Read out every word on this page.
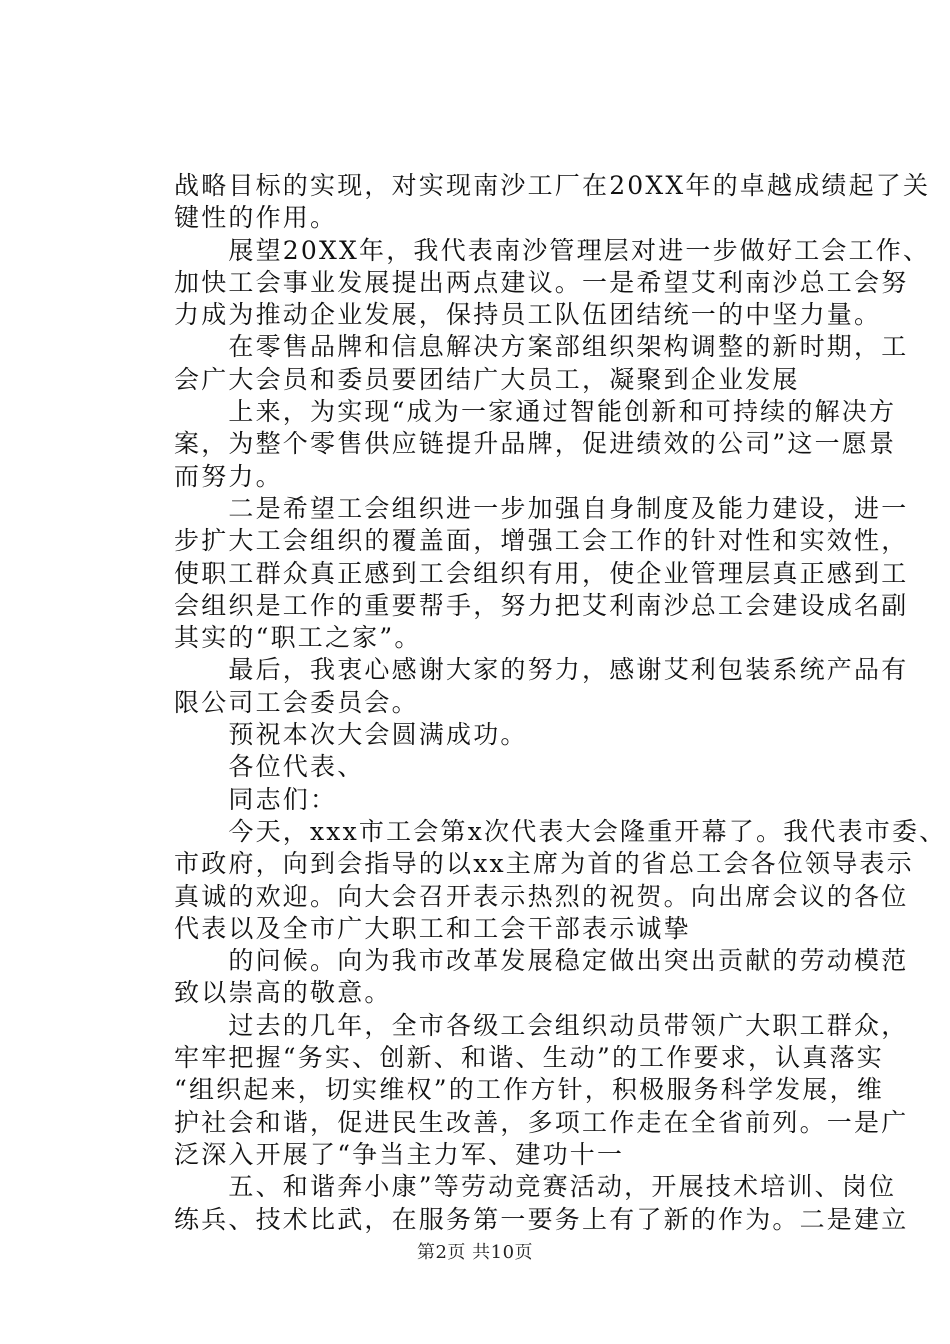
战略目标的实现，对实现南沙工厂在20XX年的卓越成绩起了关
键性的作用。
　　展望20XX年，我代表南沙管理层对进一步做好工会工作、
加快工会事业发展提出两点建议。一是希望艾利南沙总工会努
力成为推动企业发展，保持员工队伍团结统一的中坚力量。
　　在零售品牌和信息解决方案部组织架构调整的新时期，工
会广大会员和委员要团结广大员工，凝聚到企业发展
　　上来，为实现“成为一家通过智能创新和可持续的解决方
案，为整个零售供应链提升品牌，促进绩效的公司”这一愿景
而努力。
　　二是希望工会组织进一步加强自身制度及能力建设，进一
步扩大工会组织的覆盖面，增强工会工作的针对性和实效性，
使职工群众真正感到工会组织有用，使企业管理层真正感到工
会组织是工作的重要帮手，努力把艾利南沙总工会建设成名副
其实的“职工之家”。
　　最后，我衷心感谢大家的努力，感谢艾利包装系统产品有
限公司工会委员会。
　　预祝本次大会圆满成功。
　　各位代表、
　　同志们：
　　今天，xxx市工会第x次代表大会隆重开幕了。我代表市委、
市政府，向到会指导的以xx主席为首的省总工会各位领导表示
真诚的欢迎。向大会召开表示热烈的祝贺。向出席会议的各位
代表以及全市广大职工和工会干部表示诚挚
　　的问候。向为我市改革发展稳定做出突出贡献的劳动模范
致以崇高的敬意。
　　过去的几年，全市各级工会组织动员带领广大职工群众，
牢牢把握“务实、创新、和谐、生动”的工作要求，认真落实
“组织起来，切实维权”的工作方针，积极服务科学发展，维
护社会和谐，促进民生改善，多项工作走在全省前列。一是广
泛深入开展了“争当主力军、建功十一
　　五、和谐奔小康”等劳动竞赛活动，开展技术培训、岗位
练兵、技术比武，在服务第一要务上有了新的作为。二是建立
第2页 共10页
